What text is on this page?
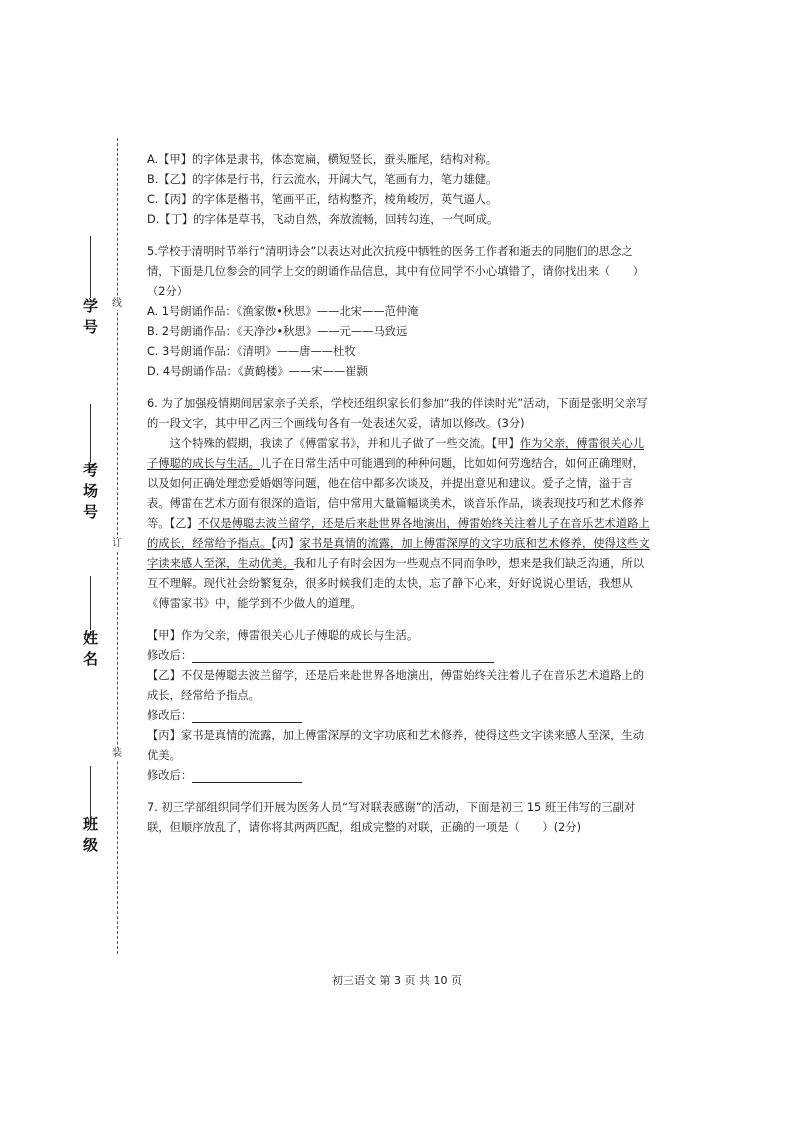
线
订
装
学号
考场号
姓名
班级

A.【甲】的字体是隶书，体态宽扁，横短竖长，蚕头雁尾，结构对称。

B.【乙】的字体是行书，行云流水，开阔大气，笔画有力，笔力雄健。

C.【丙】的字体是楷书，笔画平正，结构整齐，棱角峻厉，英气逼人。

D.【丁】的字体是草书，飞动自然，奔放流畅，回转勾连，一气呵成。

5.学校于清明时节举行“清明诗会”以表达对此次抗疫中牺牲的医务工作者和逝去的同胞们的思念之情，下面是几位参会的同学上交的朗诵作品信息，其中有位同学不小心填错了，请你找出来（　　）（2分）

A. 1号朗诵作品：《渔家傲•秋思》——北宋——范仲淹

B. 2号朗诵作品：《天净沙•秋思》——元——马致远

C. 3号朗诵作品：《清明》——唐——杜牧

D. 4号朗诵作品：《黄鹤楼》——宋——崔颢

6. 为了加强疫情期间居家亲子关系，学校还组织家长们参加“我的伴读时光”活动，下面是张明父亲写的一段文字，其中甲乙丙三个画线句各有一处表述欠妥，请加以修改。(3分)

这个特殊的假期，我读了《傅雷家书》，并和儿子做了一些交流。【甲】作为父亲，傅雷很关心儿子傅聪的成长与生活。儿子在日常生活中可能遇到的种种问题，比如如何劳逸结合，如何正确理财，以及如何正确处理恋爱婚姻等问题，他在信中都多次谈及，并提出意见和建议。爱子之情，溢于言表。傅雷在艺术方面有很深的造诣，信中常用大量篇幅谈美术，谈音乐作品，谈表现技巧和艺术修养等。【乙】不仅是傅聪去波兰留学，还是后来赴世界各地演出，傅雷始终关注着儿子在音乐艺术道路上的成长，经常给予指点。【丙】家书是真情的流露，加上傅雷深厚的文字功底和艺术修养，使得这些文字读来感人至深，生动优美。我和儿子有时会因为一些观点不同而争吵，想来是我们缺乏沟通，所以互不理解。现代社会纷繁复杂，很多时候我们走的太快，忘了静下心来，好好说说心里话，我想从《傅雷家书》中，能学到不少做人的道理。

【甲】作为父亲，傅雷很关心儿子傅聪的成长与生活。

修改后：

【乙】不仅是傅聪去波兰留学，还是后来赴世界各地演出，傅雷始终关注着儿子在音乐艺术道路上的成长，经常给予指点。

修改后：

【丙】家书是真情的流露，加上傅雷深厚的文字功底和艺术修养，使得这些文字读来感人至深，生动优美。

修改后：

7. 初三学部组织同学们开展为医务人员“写对联表感谢”的活动，下面是初三 15 班王伟写的三副对联，但顺序放乱了，请你将其两两匹配，组成完整的对联，正确的一项是（　　）(2分)

初三语文 第 3 页 共 10 页
